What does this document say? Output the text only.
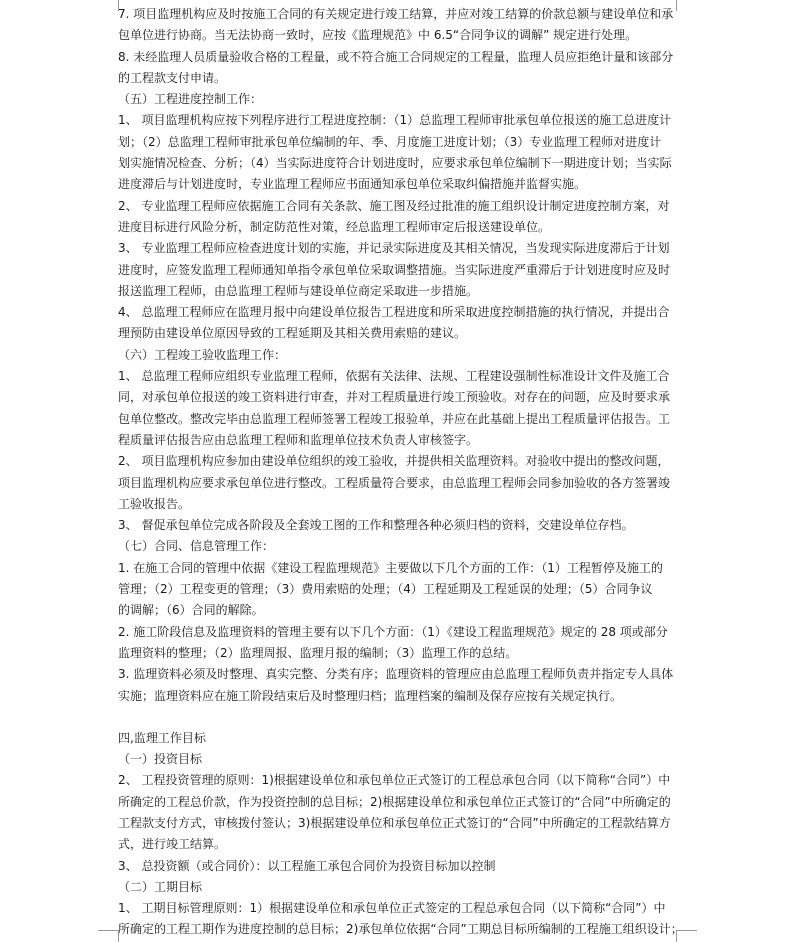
7. 项目监理机构应及时按施工合同的有关规定进行竣工结算，并应对竣工结算的价款总额与建设单位和承
包单位进行协商。当无法协商一致时，应按《监理规范》中 6.5“合同争议的调解” 规定进行处理。
8. 未经监理人员质量验收合格的工程量，或不符合施工合同规定的工程量，监理人员应拒绝计量和该部分
的工程款支付申请。
（五）工程进度控制工作：
1、 项目监理机构应按下列程序进行工程进度控制：（1）总监理工程师审批承包单位报送的施工总进度计
划；（2）总监理工程师审批承包单位编制的年、季、月度施工进度计划；（3）专业监理工程师对进度计
划实施情况检查、分析；（4）当实际进度符合计划进度时，应要求承包单位编制下一期进度计划；当实际
进度滞后与计划进度时，专业监理工程师应书面通知承包单位采取纠偏措施并监督实施。
2、 专业监理工程师应依据施工合同有关条款、施工图及经过批准的施工组织设计制定进度控制方案，对
进度目标进行风险分析，制定防范性对策，经总监理工程师审定后报送建设单位。
3、 专业监理工程师应检查进度计划的实施，并记录实际进度及其相关情况，当发现实际进度滞后于计划
进度时，应签发监理工程师通知单指令承包单位采取调整措施。当实际进度严重滞后于计划进度时应及时
报送监理工程师，由总监理工程师与建设单位商定采取进一步措施。
4、 总监理工程师应在监理月报中向建设单位报告工程进度和所采取进度控制措施的执行情况，并提出合
理预防由建设单位原因导致的工程延期及其相关费用索赔的建议。
（六）工程竣工验收监理工作：
1、 总监理工程师应组织专业监理工程师，依据有关法律、法规、工程建设强制性标准设计文件及施工合
同，对承包单位报送的竣工资料进行审查，并对工程质量进行竣工预验收。对存在的问题，应及时要求承
包单位整改。整改完毕由总监理工程师签署工程竣工报验单，并应在此基础上提出工程质量评估报告。工
程质量评估报告应由总监理工程师和监理单位技术负责人审核签字。
2、 项目监理机构应参加由建设单位组织的竣工验收，并提供相关监理资料。对验收中提出的整改问题，
项目监理机构应要求承包单位进行整改。工程质量符合要求，由总监理工程师会同参加验收的各方签署竣
工验收报告。
3、 督促承包单位完成各阶段及全套竣工图的工作和整理各种必须归档的资料，交建设单位存档。
（七）合同、信息管理工作：
1. 在施工合同的管理中依据《建设工程监理规范》主要做以下几个方面的工作：（1）工程暂停及施工的
管理；（2）工程变更的管理；（3）费用索赔的处理；（4）工程延期及工程延误的处理；（5）合同争议
的调解；（6）合同的解除。
2. 施工阶段信息及监理资料的管理主要有以下几个方面：（1）《建设工程监理规范》规定的 28 项或部分
监理资料的整理；（2）监理周报、监理月报的编制；（3）监理工作的总结。
3. 监理资料必须及时整理、真实完整、分类有序；监理资料的管理应由总监理工程师负责并指定专人具体
实施；监理资料应在施工阶段结束后及时整理归档；监理档案的编制及保存应按有关规定执行。
四,监理工作目标
（一）投资目标
2、 工程投资管理的原则：1)根据建设单位和承包单位正式签订的工程总承包合同（以下简称“合同”）中
所确定的工程总价款，作为投资控制的总目标；2)根据建设单位和承包单位正式签订的“合同”中所确定的
工程款支付方式，审核拨付签认；3)根据建设单位和承包单位正式签订的“合同”中所确定的工程款结算方
式，进行竣工结算。
3、 总投资额（或合同价）：以工程施工承包合同价为投资目标加以控制
（二）工期目标
1、 工期目标管理原则：1）根据建设单位和承包单位正式签定的工程总承包合同（以下简称“合同”）中
所确定的工程工期作为进度控制的总目标；2)承包单位依据“合同”工期总目标所编制的工程施工组织设计；
